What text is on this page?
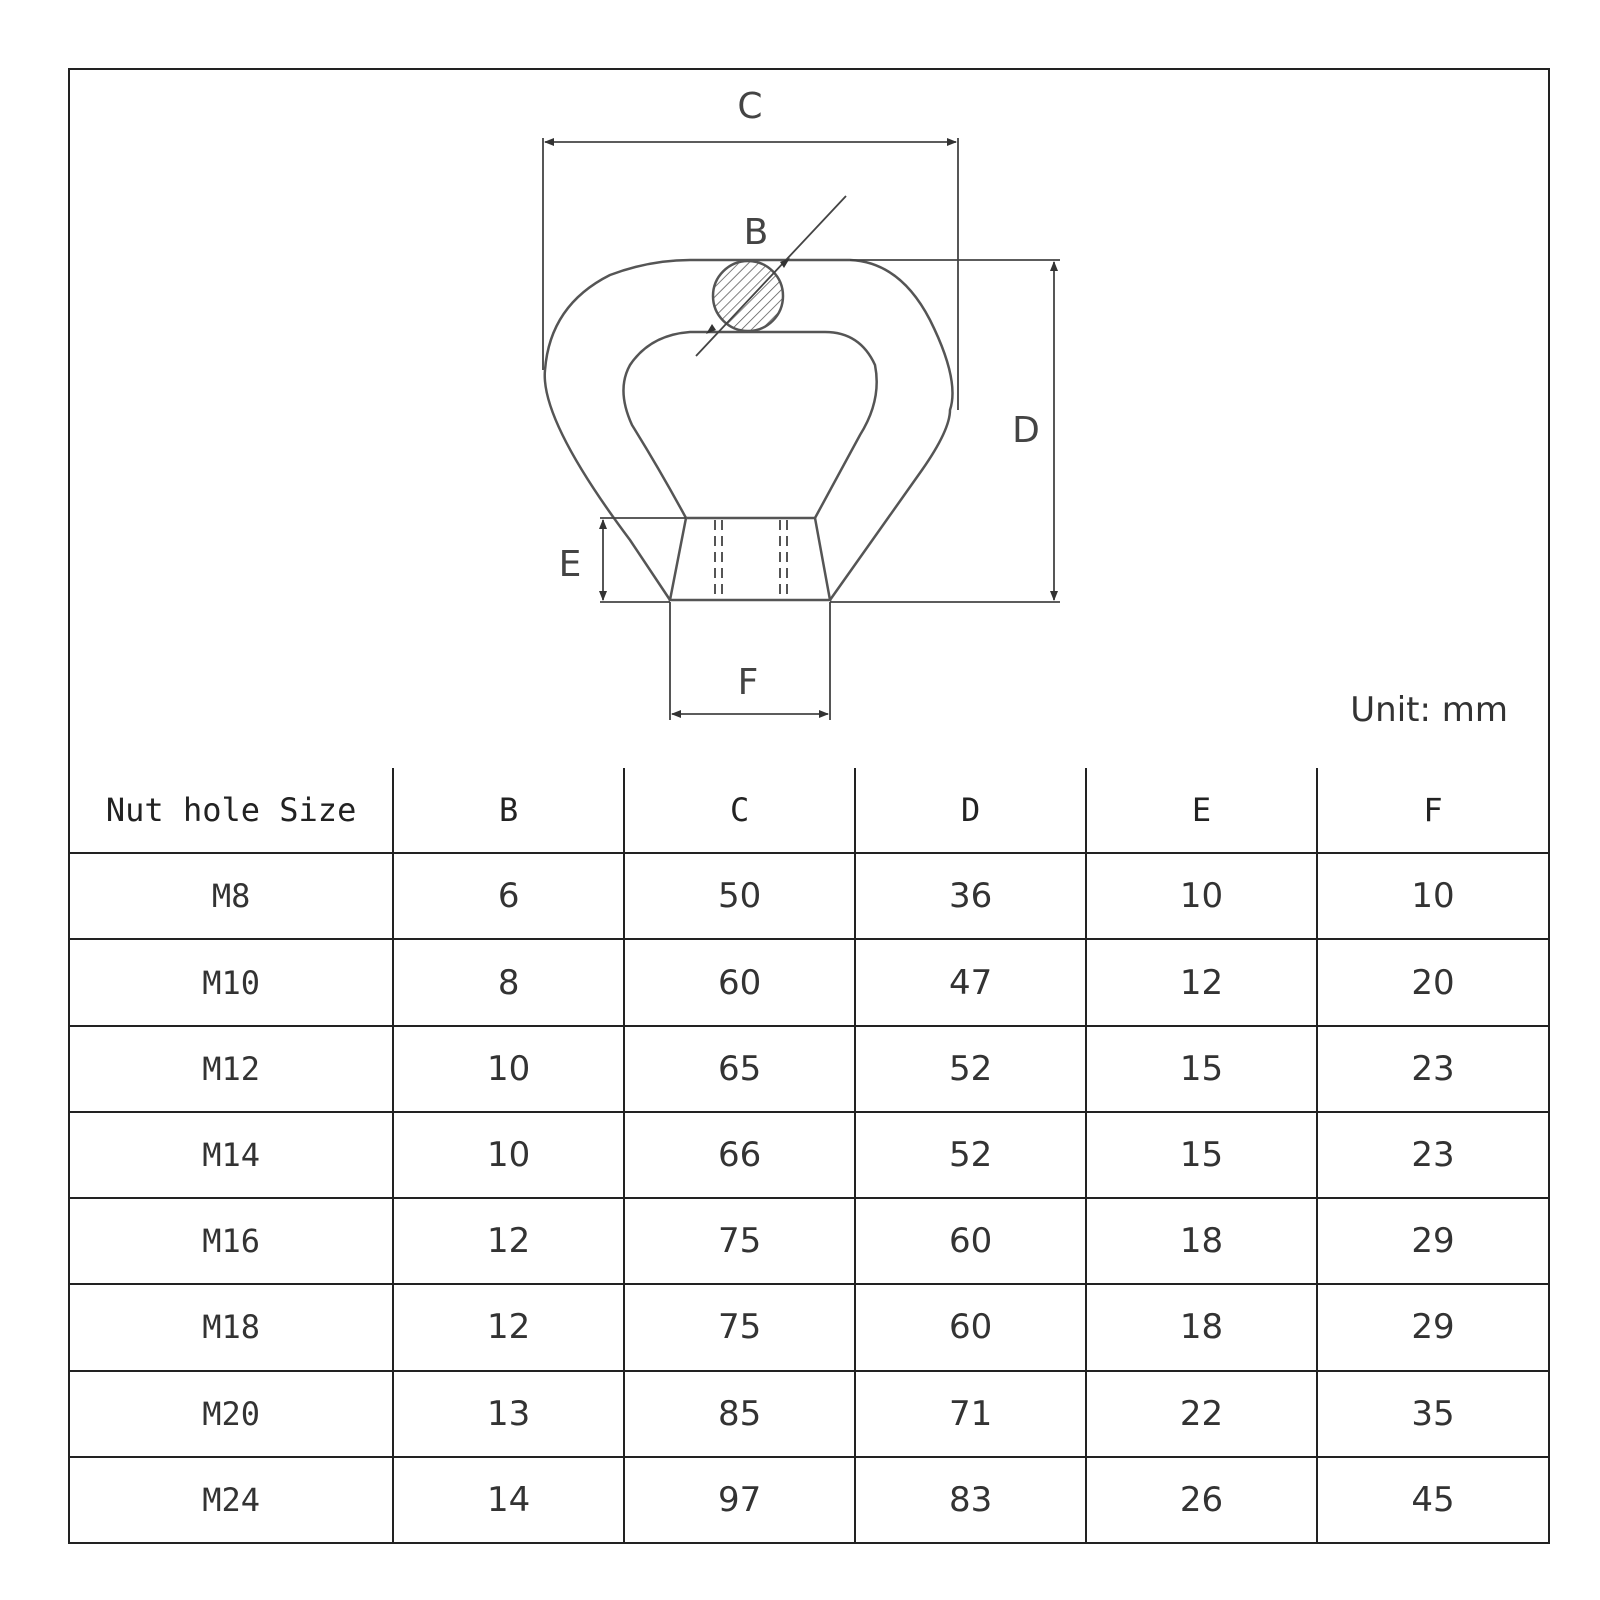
C
B
D
E
F
Unit: mm
Nut hole Size	B	C	D	E	F
M8	6	50	36	10	10
M10	8	60	47	12	20
M12	10	65	52	15	23
M14	10	66	52	15	23
M16	12	75	60	18	29
M18	12	75	60	18	29
M20	13	85	71	22	35
M24	14	97	83	26	45
